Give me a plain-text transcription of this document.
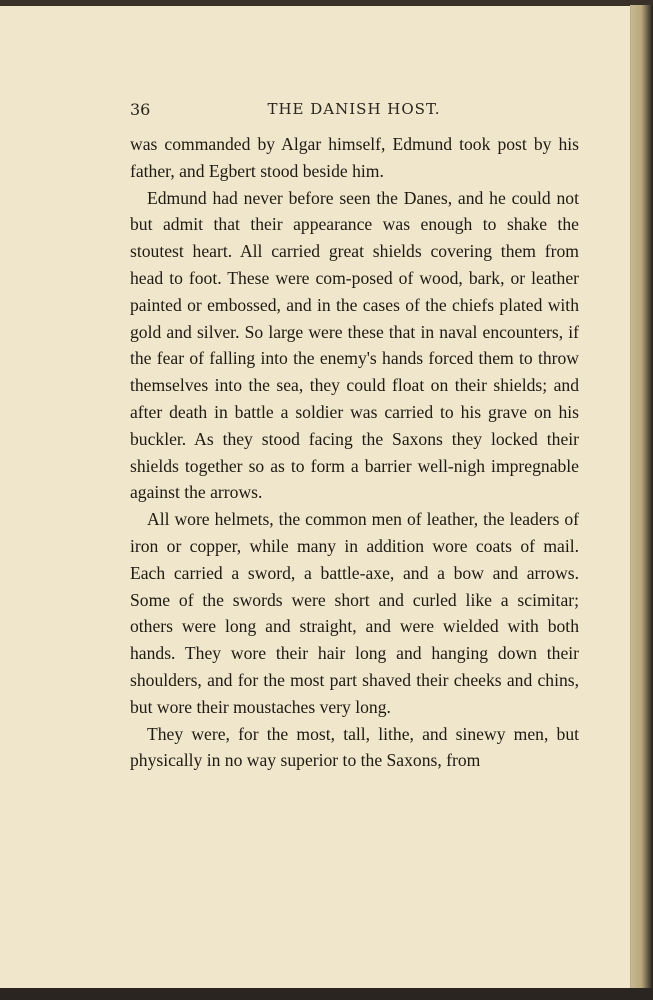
36	THE DANISH HOST.

was commanded by Algar himself, Edmund took post by his father, and Egbert stood beside him.

Edmund had never before seen the Danes, and he could not but admit that their appearance was enough to shake the stoutest heart. All carried great shields covering them from head to foot. These were com-posed of wood, bark, or leather painted or embossed, and in the cases of the chiefs plated with gold and silver. So large were these that in naval encounters, if the fear of falling into the enemy's hands forced them to throw themselves into the sea, they could float on their shields; and after death in battle a soldier was carried to his grave on his buckler. As they stood facing the Saxons they locked their shields together so as to form a barrier well-nigh impregnable against the arrows.

All wore helmets, the common men of leather, the leaders of iron or copper, while many in addition wore coats of mail. Each carried a sword, a battle-axe, and a bow and arrows. Some of the swords were short and curled like a scimitar; others were long and straight, and were wielded with both hands. They wore their hair long and hanging down their shoulders, and for the most part shaved their cheeks and chins, but wore their moustaches very long.

They were, for the most, tall, lithe, and sinewy men, but physically in no way superior to the Saxons, from
